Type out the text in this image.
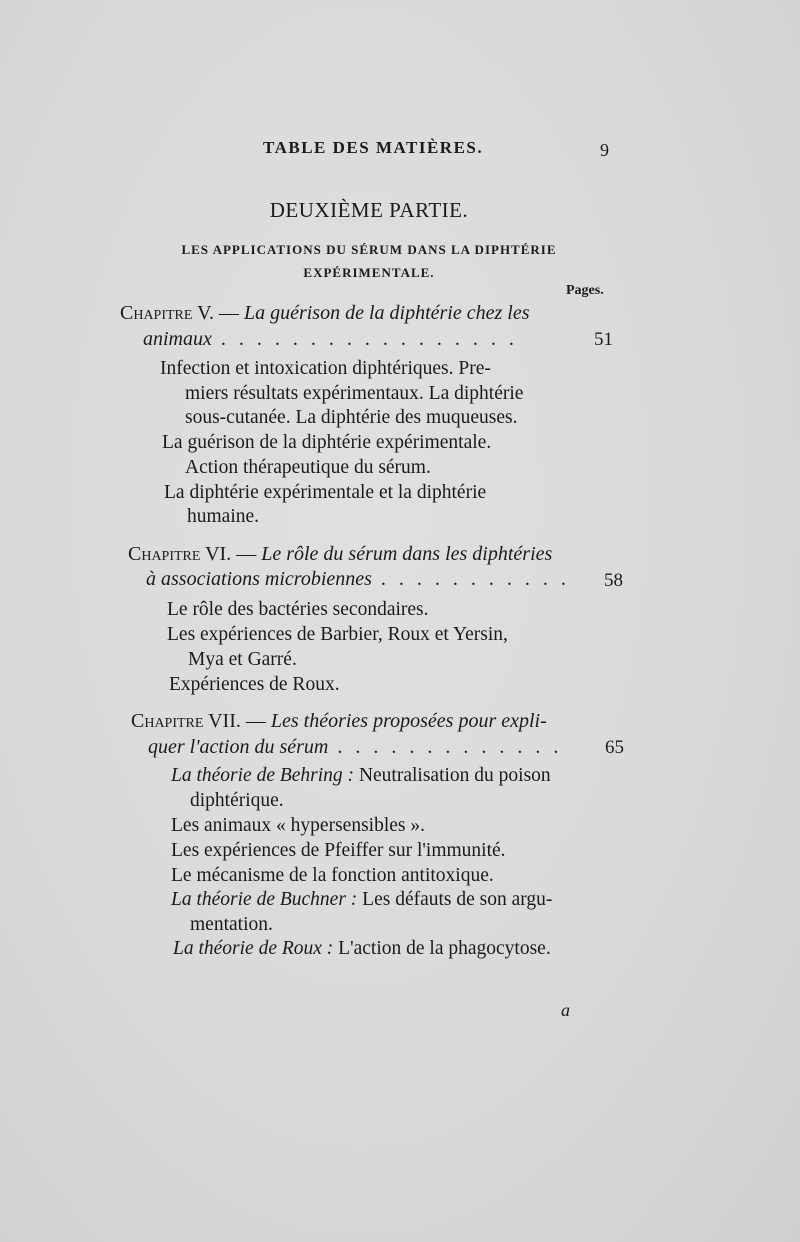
TABLE DES MATIÈRES.	9
DEUXIÈME PARTIE.
LES APPLICATIONS DU SÉRUM DANS LA DIPHTÉRIE
EXPÉRIMENTALE.
Pages.
Chapitre V. — La guérison de la diphtérie chez les
animaux . . . . . . . . . . . . . . . . .	51
Infection et intoxication diphtériques. Pre-
miers résultats expérimentaux. La diphtérie
sous-cutanée. La diphtérie des muqueuses.
La guérison de la diphtérie expérimentale.
Action thérapeutique du sérum.
La diphtérie expérimentale et la diphtérie
humaine.
Chapitre VI. — Le rôle du sérum dans les diphtéries
à associations microbiennes . . . . . . . . . . . 58
Le rôle des bactéries secondaires.
Les expériences de Barbier, Roux et Yersin,
Mya et Garré.
Expériences de Roux.
Chapitre VII. — Les théories proposées pour expli-
quer l'action du sérum . . . . . . . . . . . . . 65
La théorie de Behring : Neutralisation du poison
diphtérique.
Les animaux « hypersensibles ».
Les expériences de Pfeiffer sur l'immunité.
Le mécanisme de la fonction antitoxique.
La théorie de Buchner : Les défauts de son argu-
mentation.
La théorie de Roux : L'action de la phagocytose.
a
